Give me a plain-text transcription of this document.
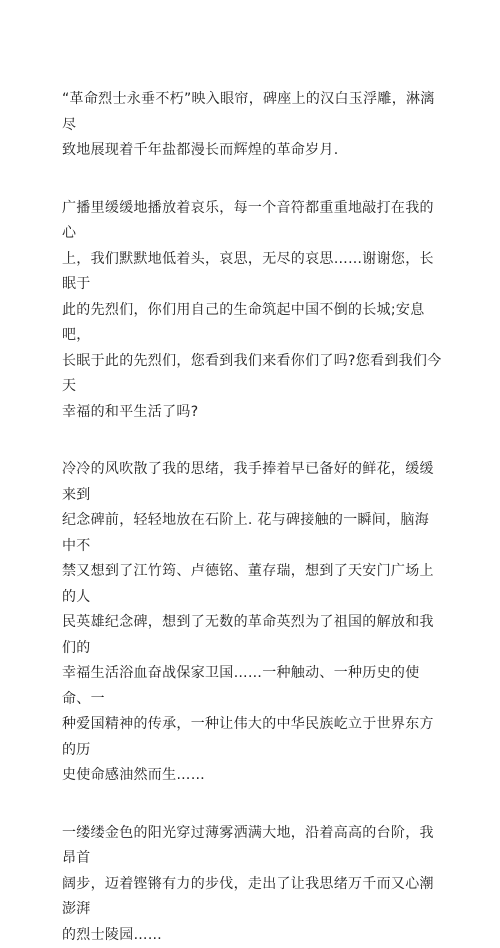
“革命烈士永垂不朽”映入眼帘，碑座上的汉白玉浮雕，淋漓尽
致地展现着千年盐都漫长而辉煌的革命岁月.

广播里缓缓地播放着哀乐，每一个音符都重重地敲打在我的心
上，我们默默地低着头，哀思，无尽的哀思……谢谢您，长眠于
此的先烈们，你们用自己的生命筑起中国不倒的长城;安息吧，
长眠于此的先烈们，您看到我们来看你们了吗?您看到我们今天
幸福的和平生活了吗?

冷冷的风吹散了我的思绪，我手捧着早已备好的鲜花，缓缓来到
纪念碑前，轻轻地放在石阶上. 花与碑接触的一瞬间，脑海中不
禁又想到了江竹筠、卢德铭、董存瑞，想到了天安门广场上的人
民英雄纪念碑，想到了无数的革命英烈为了祖国的解放和我们的
幸福生活浴血奋战保家卫国……一种触动、一种历史的使命、一
种爱国精神的传承，一种让伟大的中华民族屹立于世界东方的历
史使命感油然而生……

一缕缕金色的阳光穿过薄雾洒满大地，沿着高高的台阶，我昂首
阔步，迈着铿锵有力的步伐，走出了让我思绪万千而又心潮澎湃
的烈士陵园……
